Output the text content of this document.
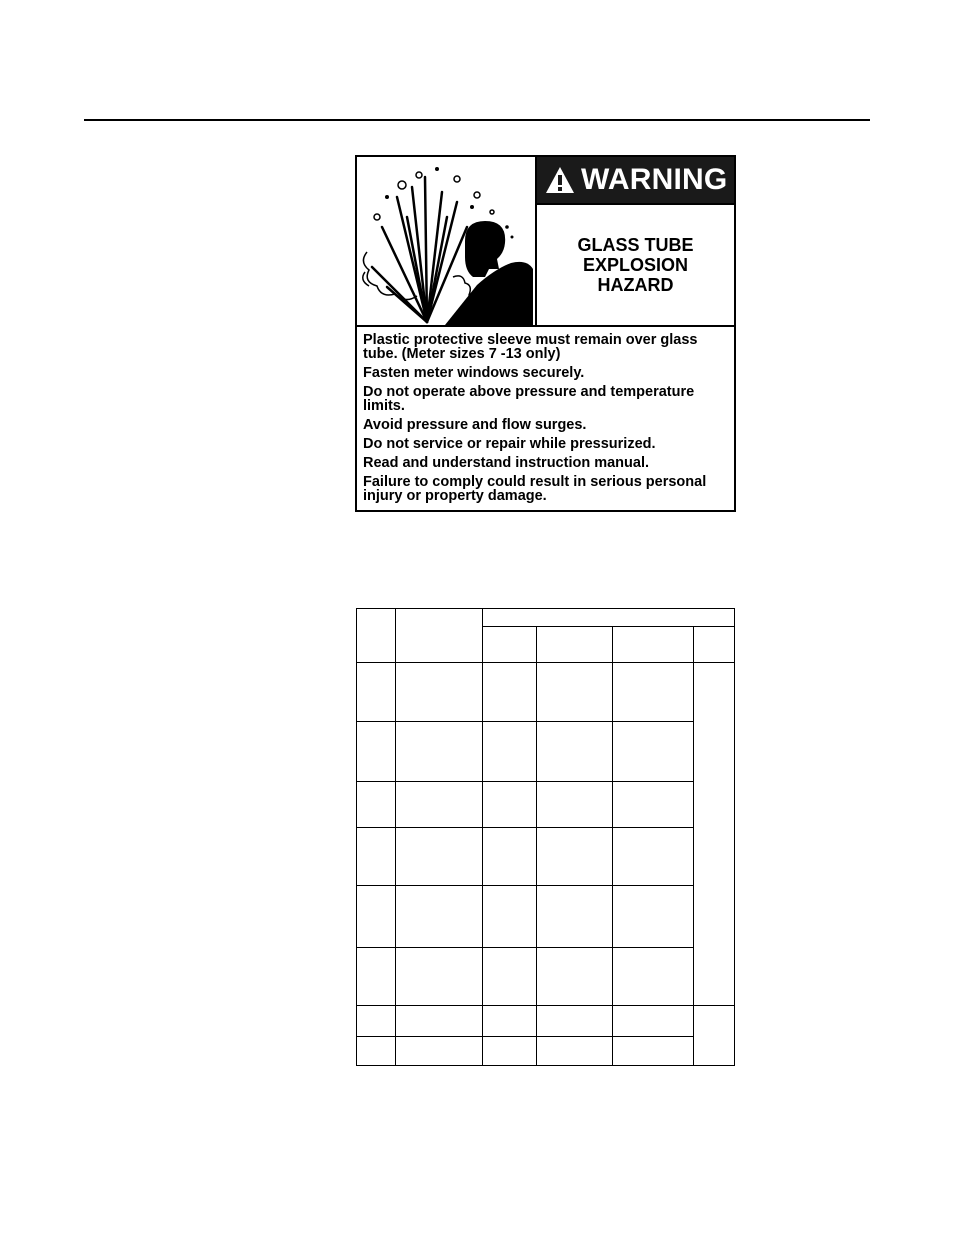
WARNING
GLASS TUBE EXPLOSION HAZARD

Plastic protective sleeve must remain over glass tube. (Meter sizes 7 -13 only)

Fasten meter windows securely.

Do not operate above pressure and temperature limits.

Avoid pressure and flow surges.

Do not service or repair while pressurized.

Read and understand instruction manual.

Failure to comply could result in serious personal injury or property damage.
